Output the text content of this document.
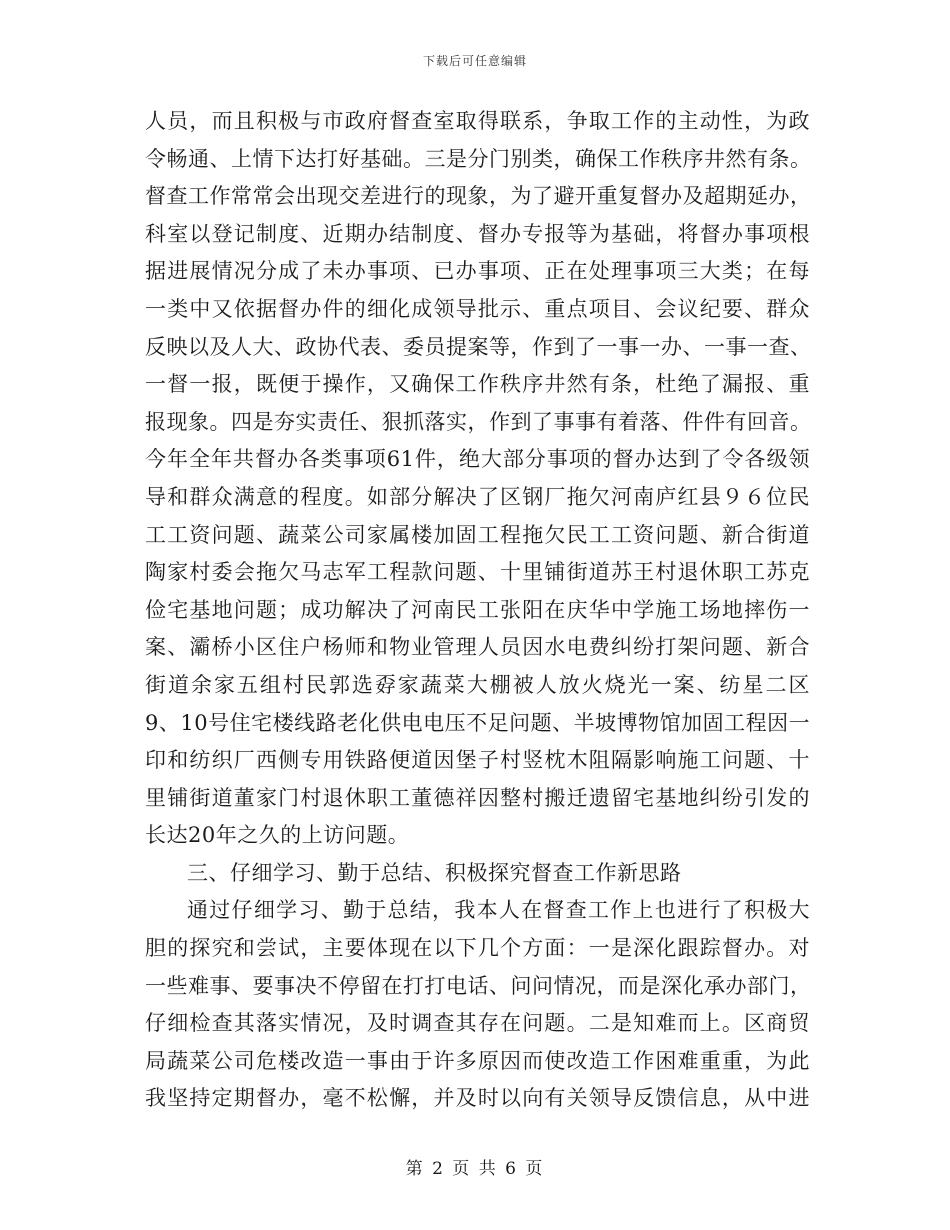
下载后可任意编辑
人员，而且积极与市政府督查室取得联系，争取工作的主动性，为政
令畅通、上情下达打好基础。三是分门别类，确保工作秩序井然有条。
督查工作常常会出现交差进行的现象，为了避开重复督办及超期延办，
科室以登记制度、近期办结制度、督办专报等为基础，将督办事项根
据进展情况分成了未办事项、已办事项、正在处理事项三大类；在每
一类中又依据督办件的细化成领导批示、重点项目、会议纪要、群众
反映以及人大、政协代表、委员提案等，作到了一事一办、一事一查、
一督一报，既便于操作，又确保工作秩序井然有条，杜绝了漏报、重
报现象。四是夯实责任、狠抓落实，作到了事事有着落、件件有回音。
今年全年共督办各类事项61件，绝大部分事项的督办达到了令各级领
导和群众满意的程度。如部分解决了区钢厂拖欠河南庐红县９６位民
工工资问题、蔬菜公司家属楼加固工程拖欠民工工资问题、新合街道
陶家村委会拖欠马志军工程款问题、十里铺街道苏王村退休职工苏克
俭宅基地问题；成功解决了河南民工张阳在庆华中学施工场地摔伤一
案、灞桥小区住户杨师和物业管理人员因水电费纠纷打架问题、新合
街道余家五组村民郭选孬家蔬菜大棚被人放火烧光一案、纺星二区
9、10号住宅楼线路老化供电电压不足问题、半坡博物馆加固工程因一
印和纺织厂西侧专用铁路便道因堡子村竖枕木阻隔影响施工问题、十
里铺街道董家门村退休职工董德祥因整村搬迁遗留宅基地纠纷引发的
长达20年之久的上访问题。
三、仔细学习、勤于总结、积极探究督查工作新思路
通过仔细学习、勤于总结，我本人在督查工作上也进行了积极大
胆的探究和尝试，主要体现在以下几个方面：一是深化跟踪督办。对
一些难事、要事决不停留在打打电话、问问情况，而是深化承办部门，
仔细检查其落实情况，及时调查其存在问题。二是知难而上。区商贸
局蔬菜公司危楼改造一事由于许多原因而使改造工作困难重重，为此
我坚持定期督办，毫不松懈，并及时以向有关领导反馈信息，从中进
第 2 页 共 6 页
